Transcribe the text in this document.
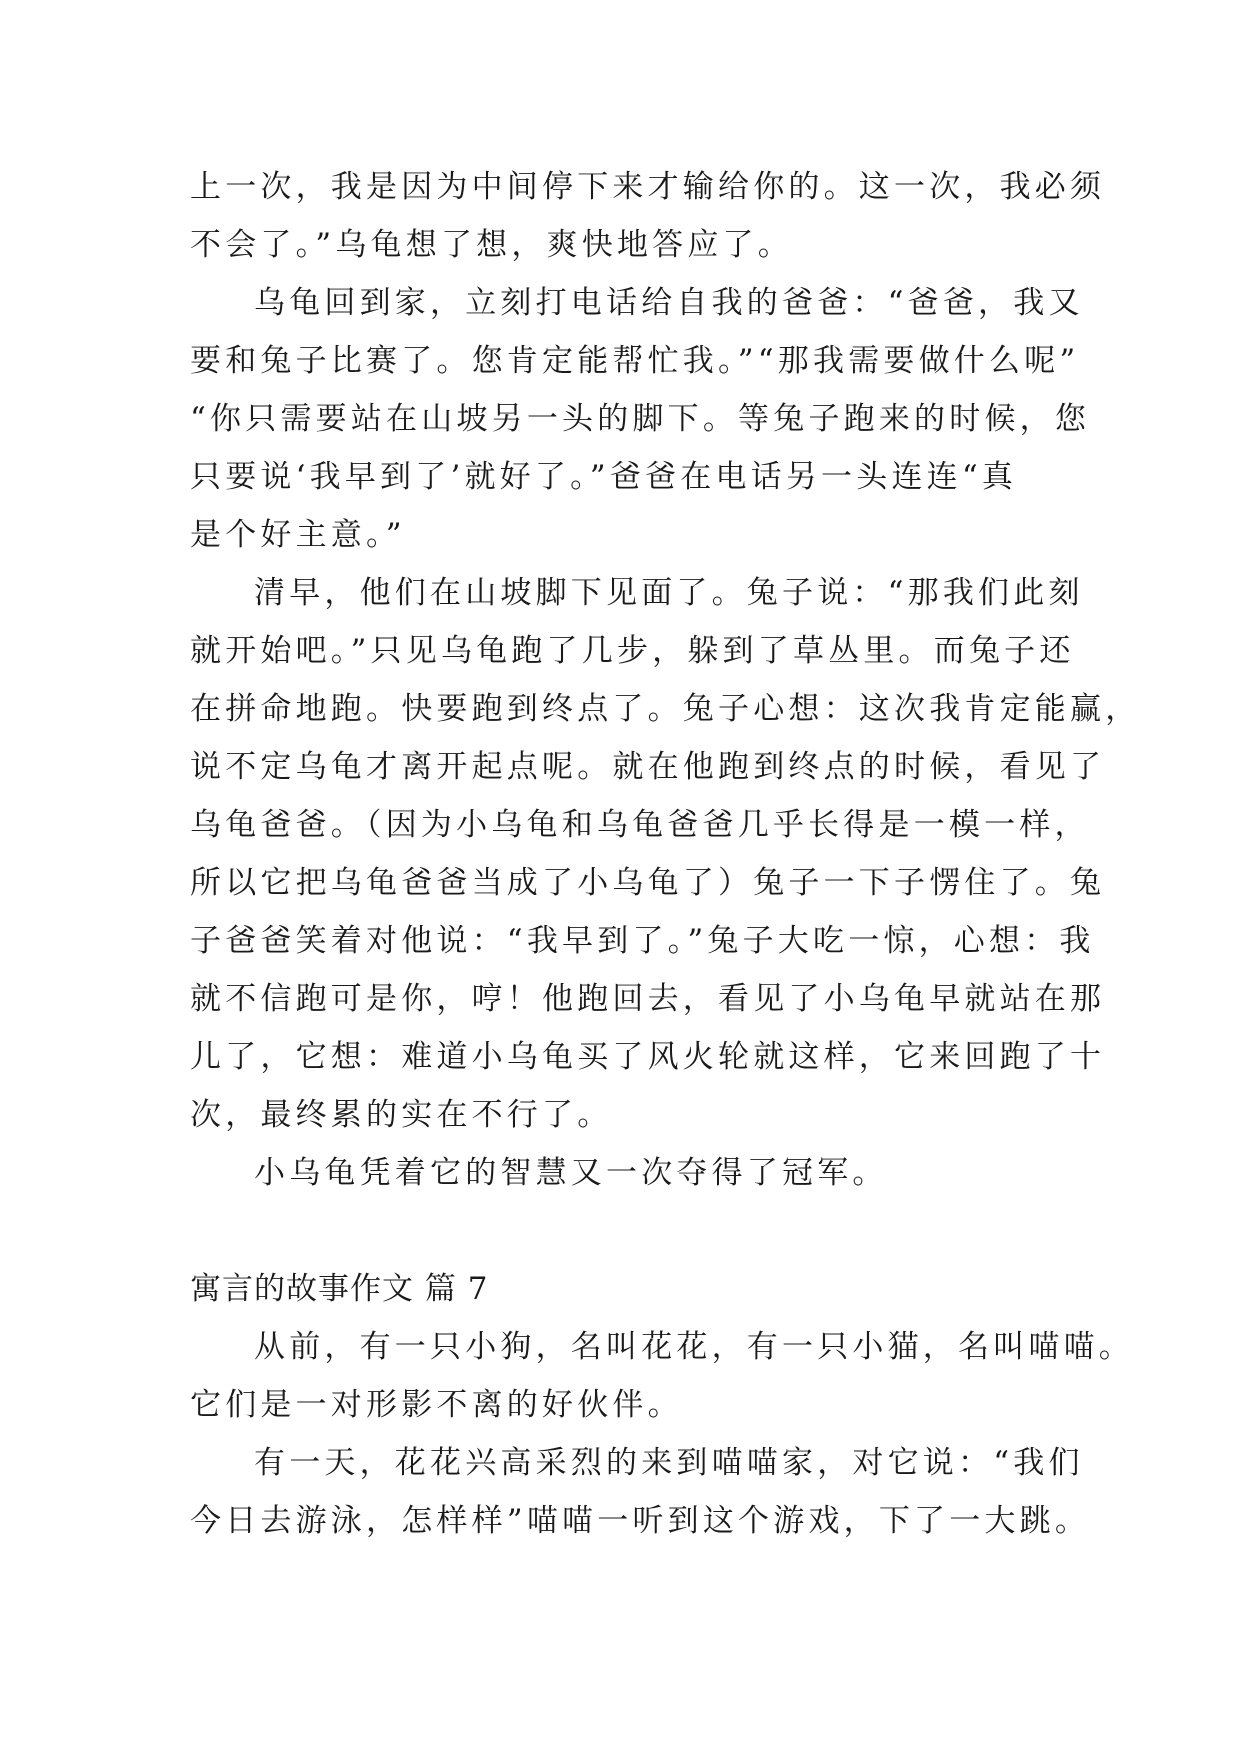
上一次，我是因为中间停下来才输给你的。这一次，我必须
不会了。”乌龟想了想，爽快地答应了。
乌龟回到家，立刻打电话给自我的爸爸：“爸爸，我又
要和兔子比赛了。您肯定能帮忙我。”“那我需要做什么呢”
“你只需要站在山坡另一头的脚下。等兔子跑来的时候，您
只要说‘我早到了’就好了。”爸爸在电话另一头连连“真
是个好主意。”
清早，他们在山坡脚下见面了。兔子说：“那我们此刻
就开始吧。”只见乌龟跑了几步，躲到了草丛里。而兔子还
在拼命地跑。快要跑到终点了。兔子心想：这次我肯定能赢，
说不定乌龟才离开起点呢。就在他跑到终点的时候，看见了
乌龟爸爸。（因为小乌龟和乌龟爸爸几乎长得是一模一样，
所以它把乌龟爸爸当成了小乌龟了）兔子一下子愣住了。兔
子爸爸笑着对他说：“我早到了。”兔子大吃一惊，心想：我
就不信跑可是你，哼！他跑回去，看见了小乌龟早就站在那
儿了，它想：难道小乌龟买了风火轮就这样，它来回跑了十
次，最终累的实在不行了。
小乌龟凭着它的智慧又一次夺得了冠军。
寓言的故事作文 篇 7
从前，有一只小狗，名叫花花，有一只小猫，名叫喵喵。
它们是一对形影不离的好伙伴。
有一天，花花兴高采烈的来到喵喵家，对它说：“我们
今日去游泳，怎样样”喵喵一听到这个游戏，下了一大跳。
